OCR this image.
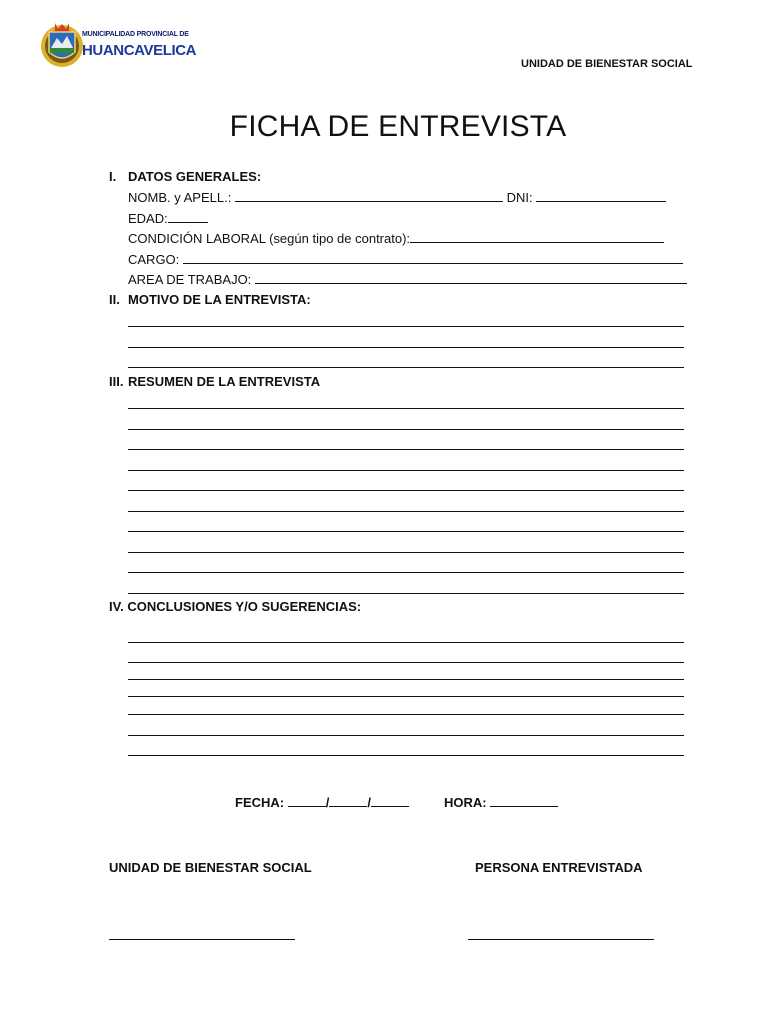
MUNICIPALIDAD PROVINCIAL DE
HUANCAVELICA
UNIDAD DE BIENESTAR SOCIAL
FICHA DE ENTREVISTA
I. DATOS GENERALES:
NOMB. y APELL.:	DNI:
EDAD:
CONDICIÓN LABORAL (según tipo de contrato):
CARGO:
AREA DE TRABAJO:
II. MOTIVO DE LA ENTREVISTA:
III. RESUMEN DE LA ENTREVISTA
IV. CONCLUSIONES Y/O SUGERENCIAS:
FECHA:	/	/	HORA:
UNIDAD DE BIENESTAR SOCIAL	PERSONA ENTREVISTADA
